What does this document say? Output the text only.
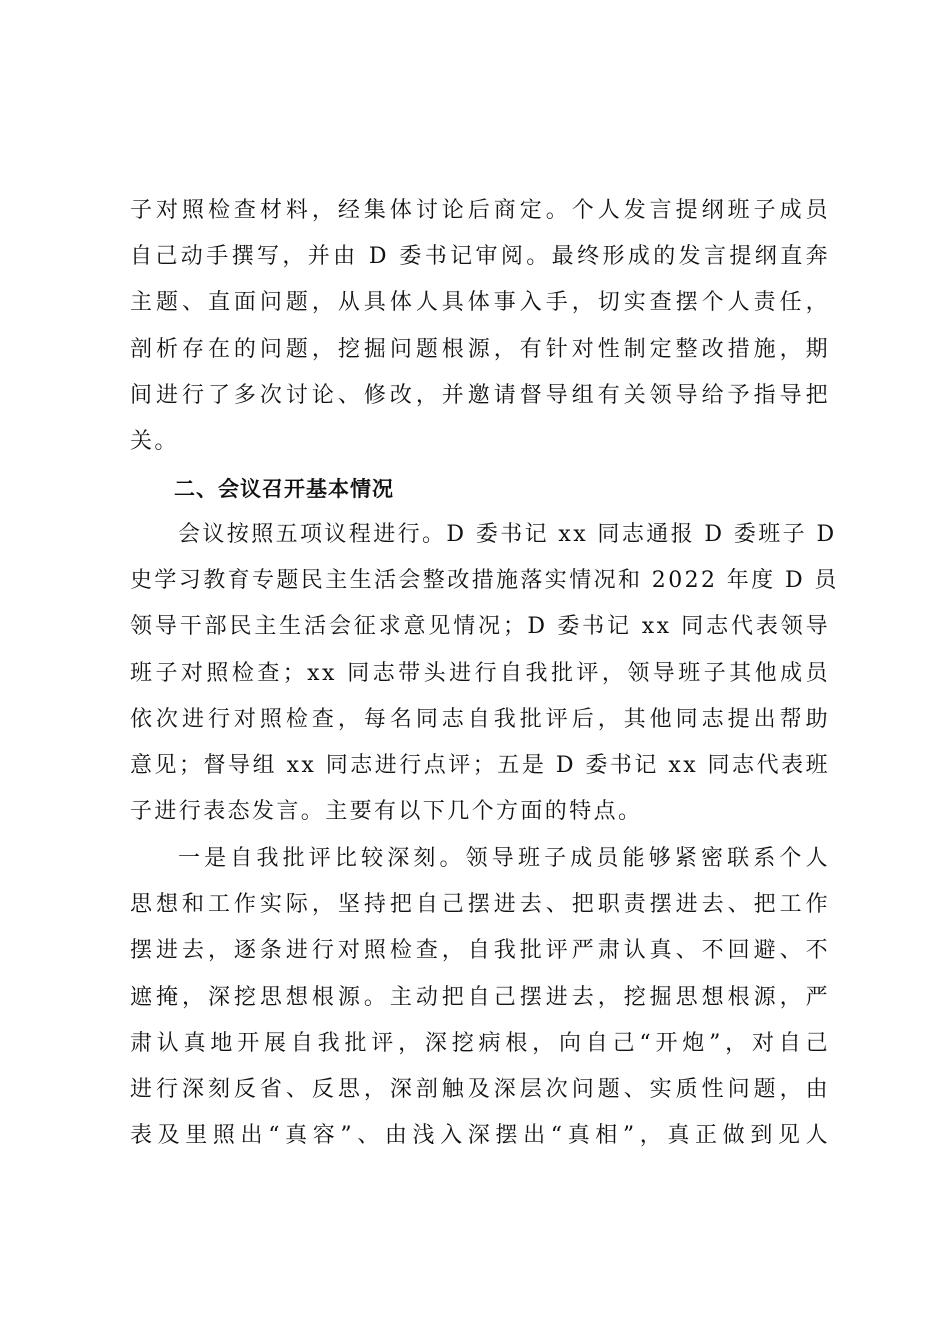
子对照检查材料，经集体讨论后商定。个人发言提纲班子成员
自己动手撰写，并由 D 委书记审阅。最终形成的发言提纲直奔
主题、直面问题，从具体人具体事入手，切实查摆个人责任，
剖析存在的问题，挖掘问题根源，有针对性制定整改措施，期
间进行了多次讨论、修改，并邀请督导组有关领导给予指导把
关。
二、会议召开基本情况
会议按照五项议程进行。D 委书记 xx 同志通报 D 委班子 D
史学习教育专题民主生活会整改措施落实情况和 2022 年度 D 员
领导干部民主生活会征求意见情况；D 委书记 xx 同志代表领导
班子对照检查；xx 同志带头进行自我批评，领导班子其他成员
依次进行对照检查，每名同志自我批评后，其他同志提出帮助
意见；督导组 xx 同志进行点评；五是 D 委书记 xx 同志代表班
子进行表态发言。主要有以下几个方面的特点。
一是自我批评比较深刻。领导班子成员能够紧密联系个人
思想和工作实际，坚持把自己摆进去、把职责摆进去、把工作
摆进去，逐条进行对照检查，自我批评严肃认真、不回避、不
遮掩，深挖思想根源。主动把自己摆进去，挖掘思想根源，严
肃认真地开展自我批评，深挖病根，向自己“开炮”，对自己
进行深刻反省、反思，深剖触及深层次问题、实质性问题，由
表及里照出“真容”、由浅入深摆出“真相”，真正做到见人
